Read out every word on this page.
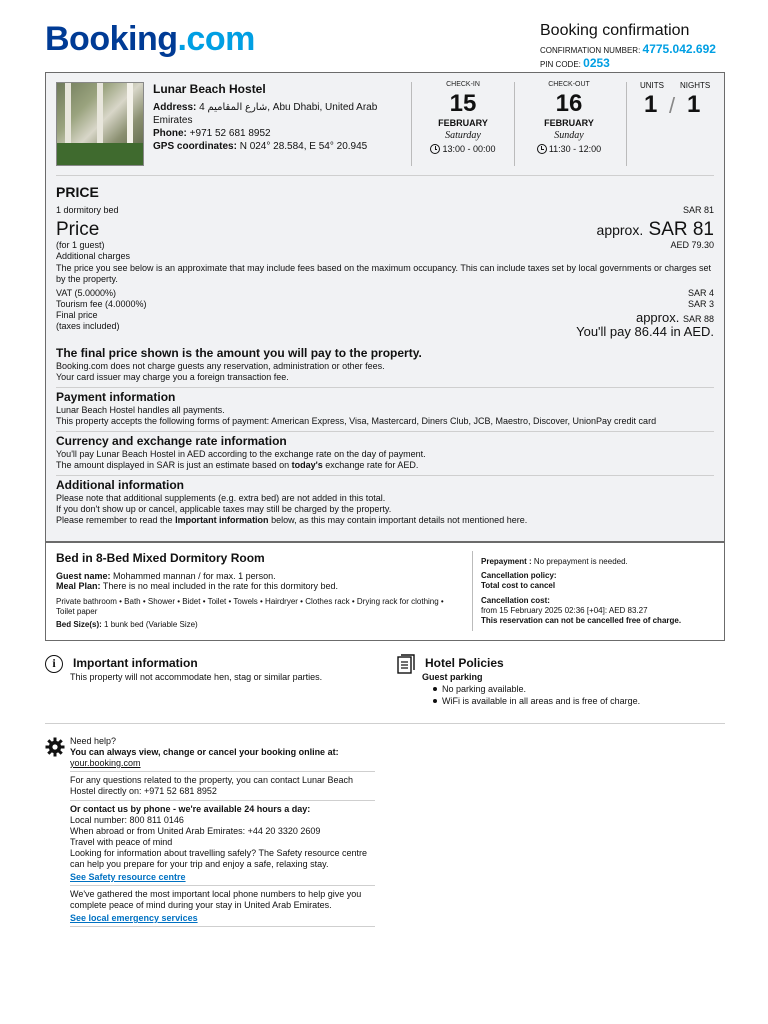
Booking.com	Booking confirmation
CONFIRMATION NUMBER: 4775.042.692
PIN CODE: 0253
Lunar Beach Hostel
Address: 4 شارع المقاميم, Abu Dhabi, United Arab Emirates
Phone: +971 52 681 8952
GPS coordinates: N 024° 28.584, E 54° 20.945
CHECK-IN
15
FEBRUARY
Saturday
13:00 - 00:00
CHECK-OUT
16
FEBRUARY
Sunday
11:30 - 12:00
UNITS NIGHTS
1 / 1
PRICE
1 dormitory bed	SAR 81
Price	approx. SAR 81
(for 1 guest)	AED 79.30
Additional charges
The price you see below is an approximate that may include fees based on the maximum occupancy. This can include taxes set by local governments or charges set by the property.
VAT (5.0000%)	SAR 4
Tourism fee (4.0000%)	SAR 3
Final price
(taxes included)
approx. SAR 88
You'll pay 86.44 in AED.
The final price shown is the amount you will pay to the property.
Booking.com does not charge guests any reservation, administration or other fees.
Your card issuer may charge you a foreign transaction fee.
Payment information
Lunar Beach Hostel handles all payments.
This property accepts the following forms of payment: American Express, Visa, Mastercard, Diners Club, JCB, Maestro, Discover, UnionPay credit card
Currency and exchange rate information
You'll pay Lunar Beach Hostel in AED according to the exchange rate on the day of payment.
The amount displayed in SAR is just an estimate based on today's exchange rate for AED.
Additional information
Please note that additional supplements (e.g. extra bed) are not added in this total.
If you don't show up or cancel, applicable taxes may still be charged by the property.
Please remember to read the Important information below, as this may contain important details not mentioned here.
Bed in 8-Bed Mixed Dormitory Room
Guest name: Mohammed mannan / for max. 1 person.
Meal Plan: There is no meal included in the rate for this dormitory bed.
Private bathroom • Bath • Shower • Bidet • Toilet • Towels • Hairdryer • Clothes rack • Drying rack for clothing • Toilet paper
Bed Size(s): 1 bunk bed (Variable Size)
Prepayment : No prepayment is needed.
Cancellation policy:
Total cost to cancel
Cancellation cost:
from 15 February 2025 02:36 [+04]: AED 83.27
This reservation can not be cancelled free of charge.
i	Important information
This property will not accommodate hen, stag or similar parties.
Hotel Policies
Guest parking
No parking available.
WiFi is available in all areas and is free of charge.
Need help?
You can always view, change or cancel your booking online at:
your.booking.com
For any questions related to the property, you can contact Lunar Beach Hostel directly on: +971 52 681 8952
Or contact us by phone - we're available 24 hours a day:
Local number: 800 811 0146
When abroad or from United Arab Emirates: +44 20 3320 2609
Travel with peace of mind
Looking for information about travelling safely? The Safety resource centre can help you prepare for your trip and enjoy a safe, relaxing stay.
See Safety resource centre
We've gathered the most important local phone numbers to help give you complete peace of mind during your stay in United Arab Emirates.
See local emergency services
